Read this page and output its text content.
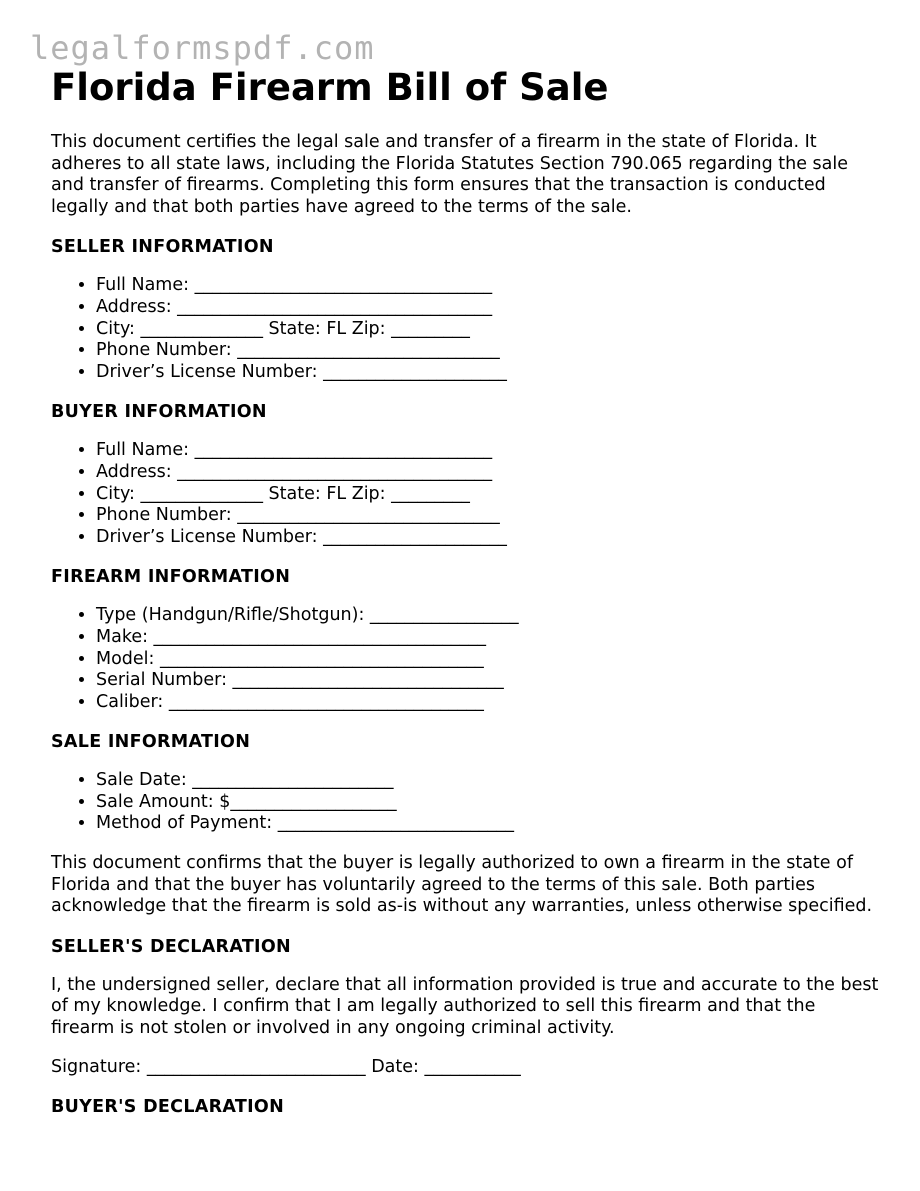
legalformspdf.com
Florida Firearm Bill of Sale

This document certifies the legal sale and transfer of a firearm in the state of Florida. It adheres to all state laws, including the Florida Statutes Section 790.065 regarding the sale and transfer of firearms. Completing this form ensures that the transaction is conducted legally and that both parties have agreed to the terms of the sale.

SELLER INFORMATION
• Full Name: __________________________________
• Address: ____________________________________
• City: ______________ State: FL Zip: _________
• Phone Number: ______________________________
• Driver’s License Number: _____________________
BUYER INFORMATION
• Full Name: __________________________________
• Address: ____________________________________
• City: ______________ State: FL Zip: _________
• Phone Number: ______________________________
• Driver’s License Number: _____________________
FIREARM INFORMATION
• Type (Handgun/Rifle/Shotgun): _________________
• Make: ______________________________________
• Model: _____________________________________
• Serial Number: _______________________________
• Caliber: ____________________________________
SALE INFORMATION
• Sale Date: _______________________
• Sale Amount: $___________________
• Method of Payment: ___________________________

This document confirms that the buyer is legally authorized to own a firearm in the state of Florida and that the buyer has voluntarily agreed to the terms of this sale. Both parties acknowledge that the firearm is sold as-is without any warranties, unless otherwise specified.

SELLER'S DECLARATION

I, the undersigned seller, declare that all information provided is true and accurate to the best of my knowledge. I confirm that I am legally authorized to sell this firearm and that the firearm is not stolen or involved in any ongoing criminal activity.

Signature: _________________________ Date: ___________

BUYER'S DECLARATION
